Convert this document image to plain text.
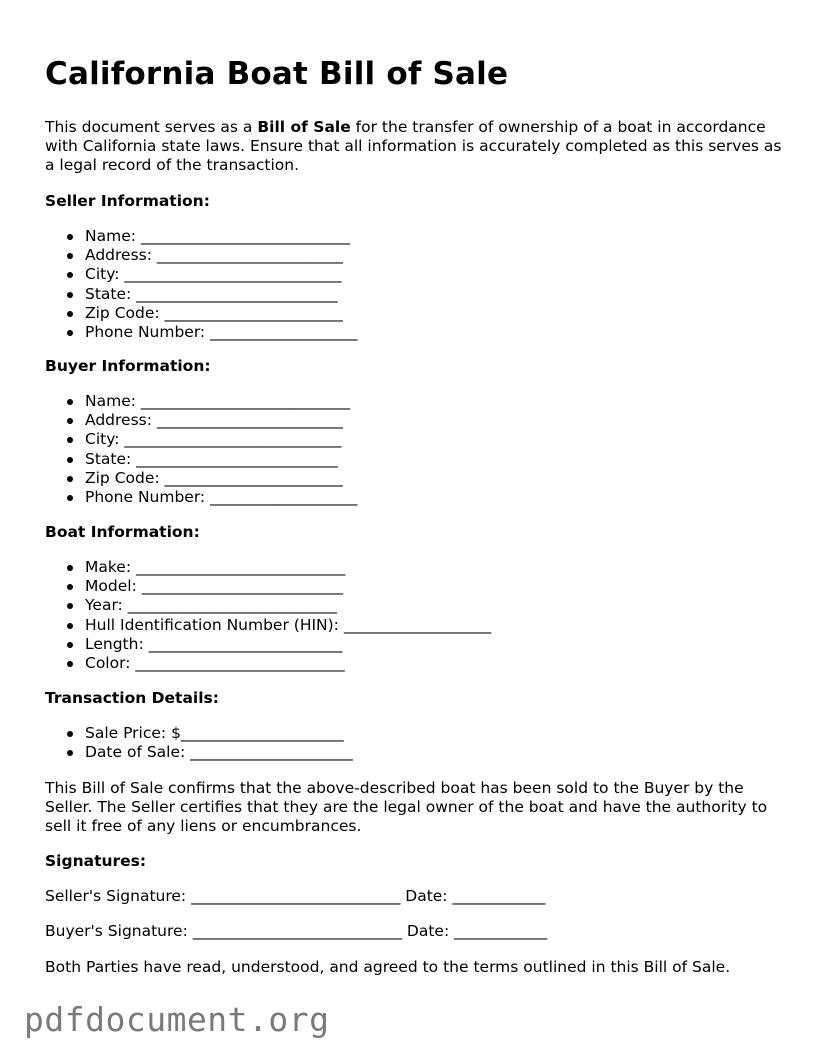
California Boat Bill of Sale

This document serves as a Bill of Sale for the transfer of ownership of a boat in accordance with California state laws. Ensure that all information is accurately completed as this serves as a legal record of the transaction.

Seller Information:
Name: ___________________________
Address: ________________________
City: ____________________________
State: __________________________
Zip Code: _______________________
Phone Number: ___________________
Buyer Information:
Name: ___________________________
Address: ________________________
City: ____________________________
State: __________________________
Zip Code: _______________________
Phone Number: ___________________
Boat Information:
Make: ___________________________
Model: __________________________
Year: ___________________________
Hull Identification Number (HIN): ___________________
Length: _________________________
Color: ___________________________
Transaction Details:
Sale Price: $_____________________
Date of Sale: _____________________

This Bill of Sale confirms that the above-described boat has been sold to the Buyer by the Seller. The Seller certifies that they are the legal owner of the boat and have the authority to sell it free of any liens or encumbrances.

Signatures:

Seller's Signature: ___________________________ Date: ____________

Buyer's Signature: ___________________________ Date: ____________

Both Parties have read, understood, and agreed to the terms outlined in this Bill of Sale.

pdfdocument.org
